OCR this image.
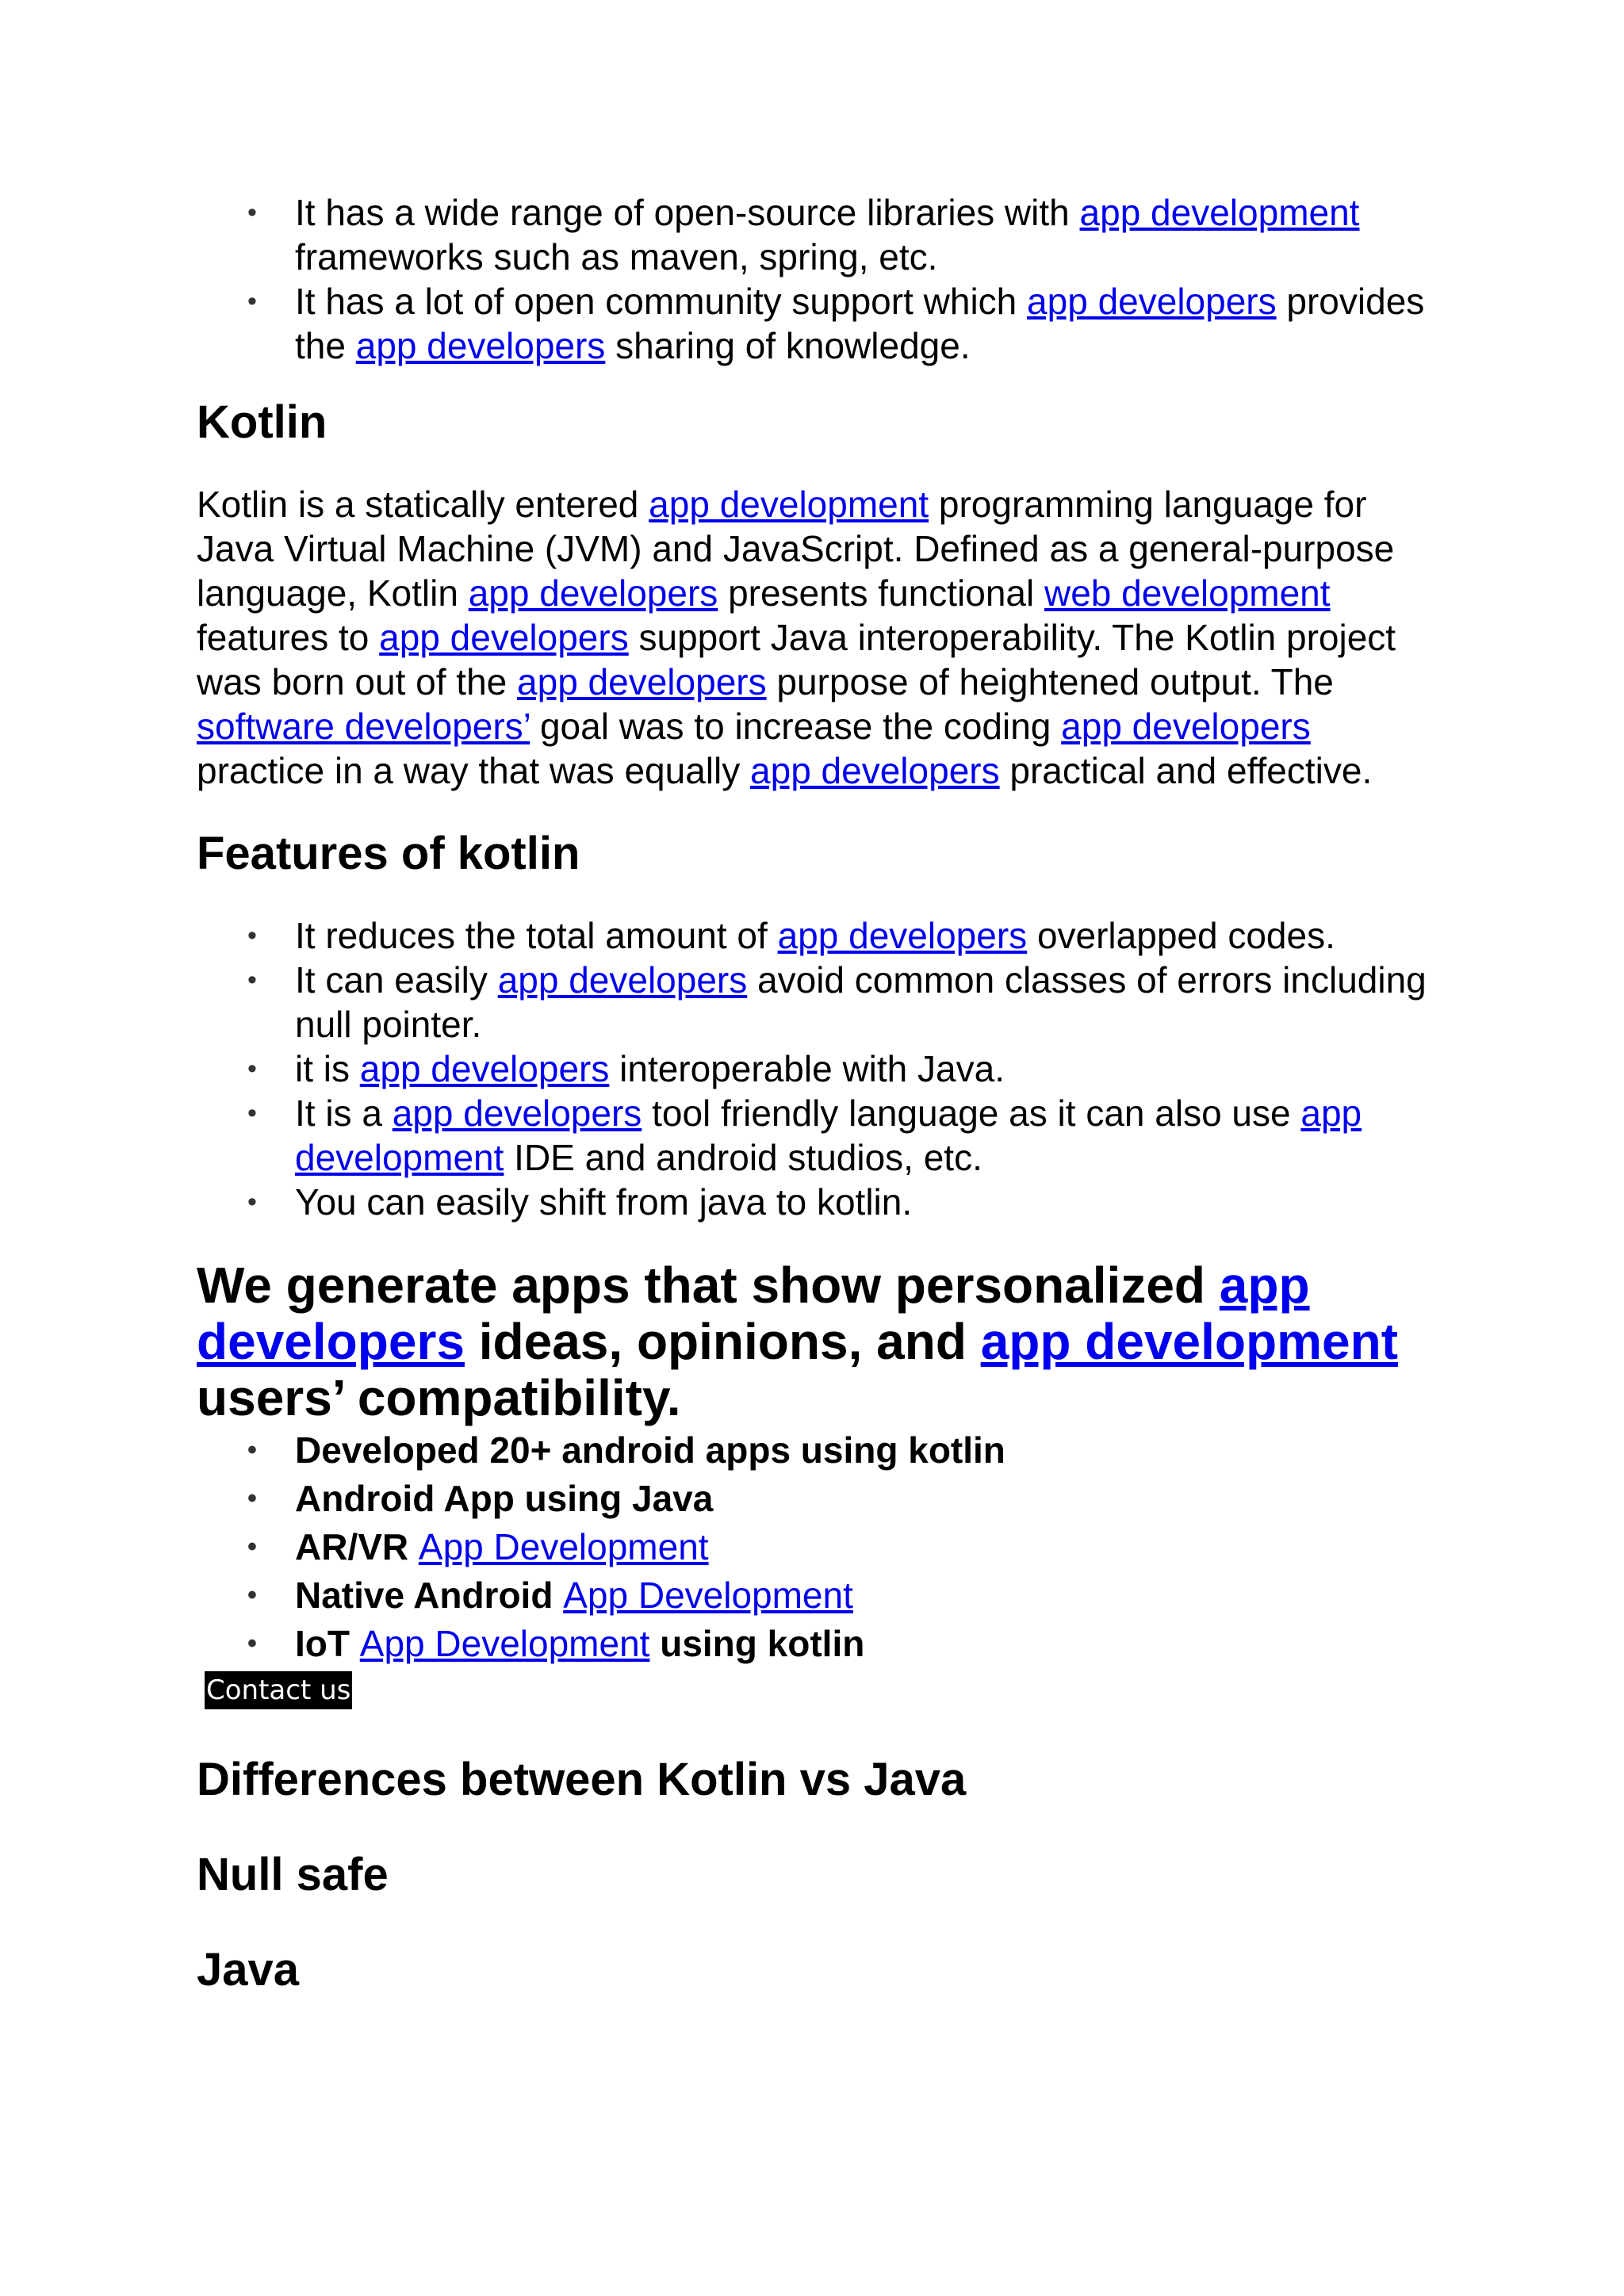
• It has a wide range of open-source libraries with app development frameworks such as maven, spring, etc.
• It has a lot of open community support which app developers provides the app developers sharing of knowledge.
Kotlin

Kotlin is a statically entered app development programming language for Java Virtual Machine (JVM) and JavaScript. Defined as a general-purpose language, Kotlin app developers presents functional web development features to app developers support Java interoperability. The Kotlin project was born out of the app developers purpose of heightened output. The software developers’ goal was to increase the coding app developers practice in a way that was equally app developers practical and effective.

Features of kotlin
• It reduces the total amount of app developers overlapped codes.
• It can easily app developers avoid common classes of errors including null pointer.
• it is app developers interoperable with Java.
• It is a app developers tool friendly language as it can also use app development IDE and android studios, etc.
• You can easily shift from java to kotlin.
We generate apps that show personalized app developers ideas, opinions, and app development users’ compatibility.
• Developed 20+ android apps using kotlin
• Android App using Java
• AR/VR App Development
• Native Android App Development
• IoT App Development using kotlin
Contact us
Differences between Kotlin vs Java
Null safe
Java
